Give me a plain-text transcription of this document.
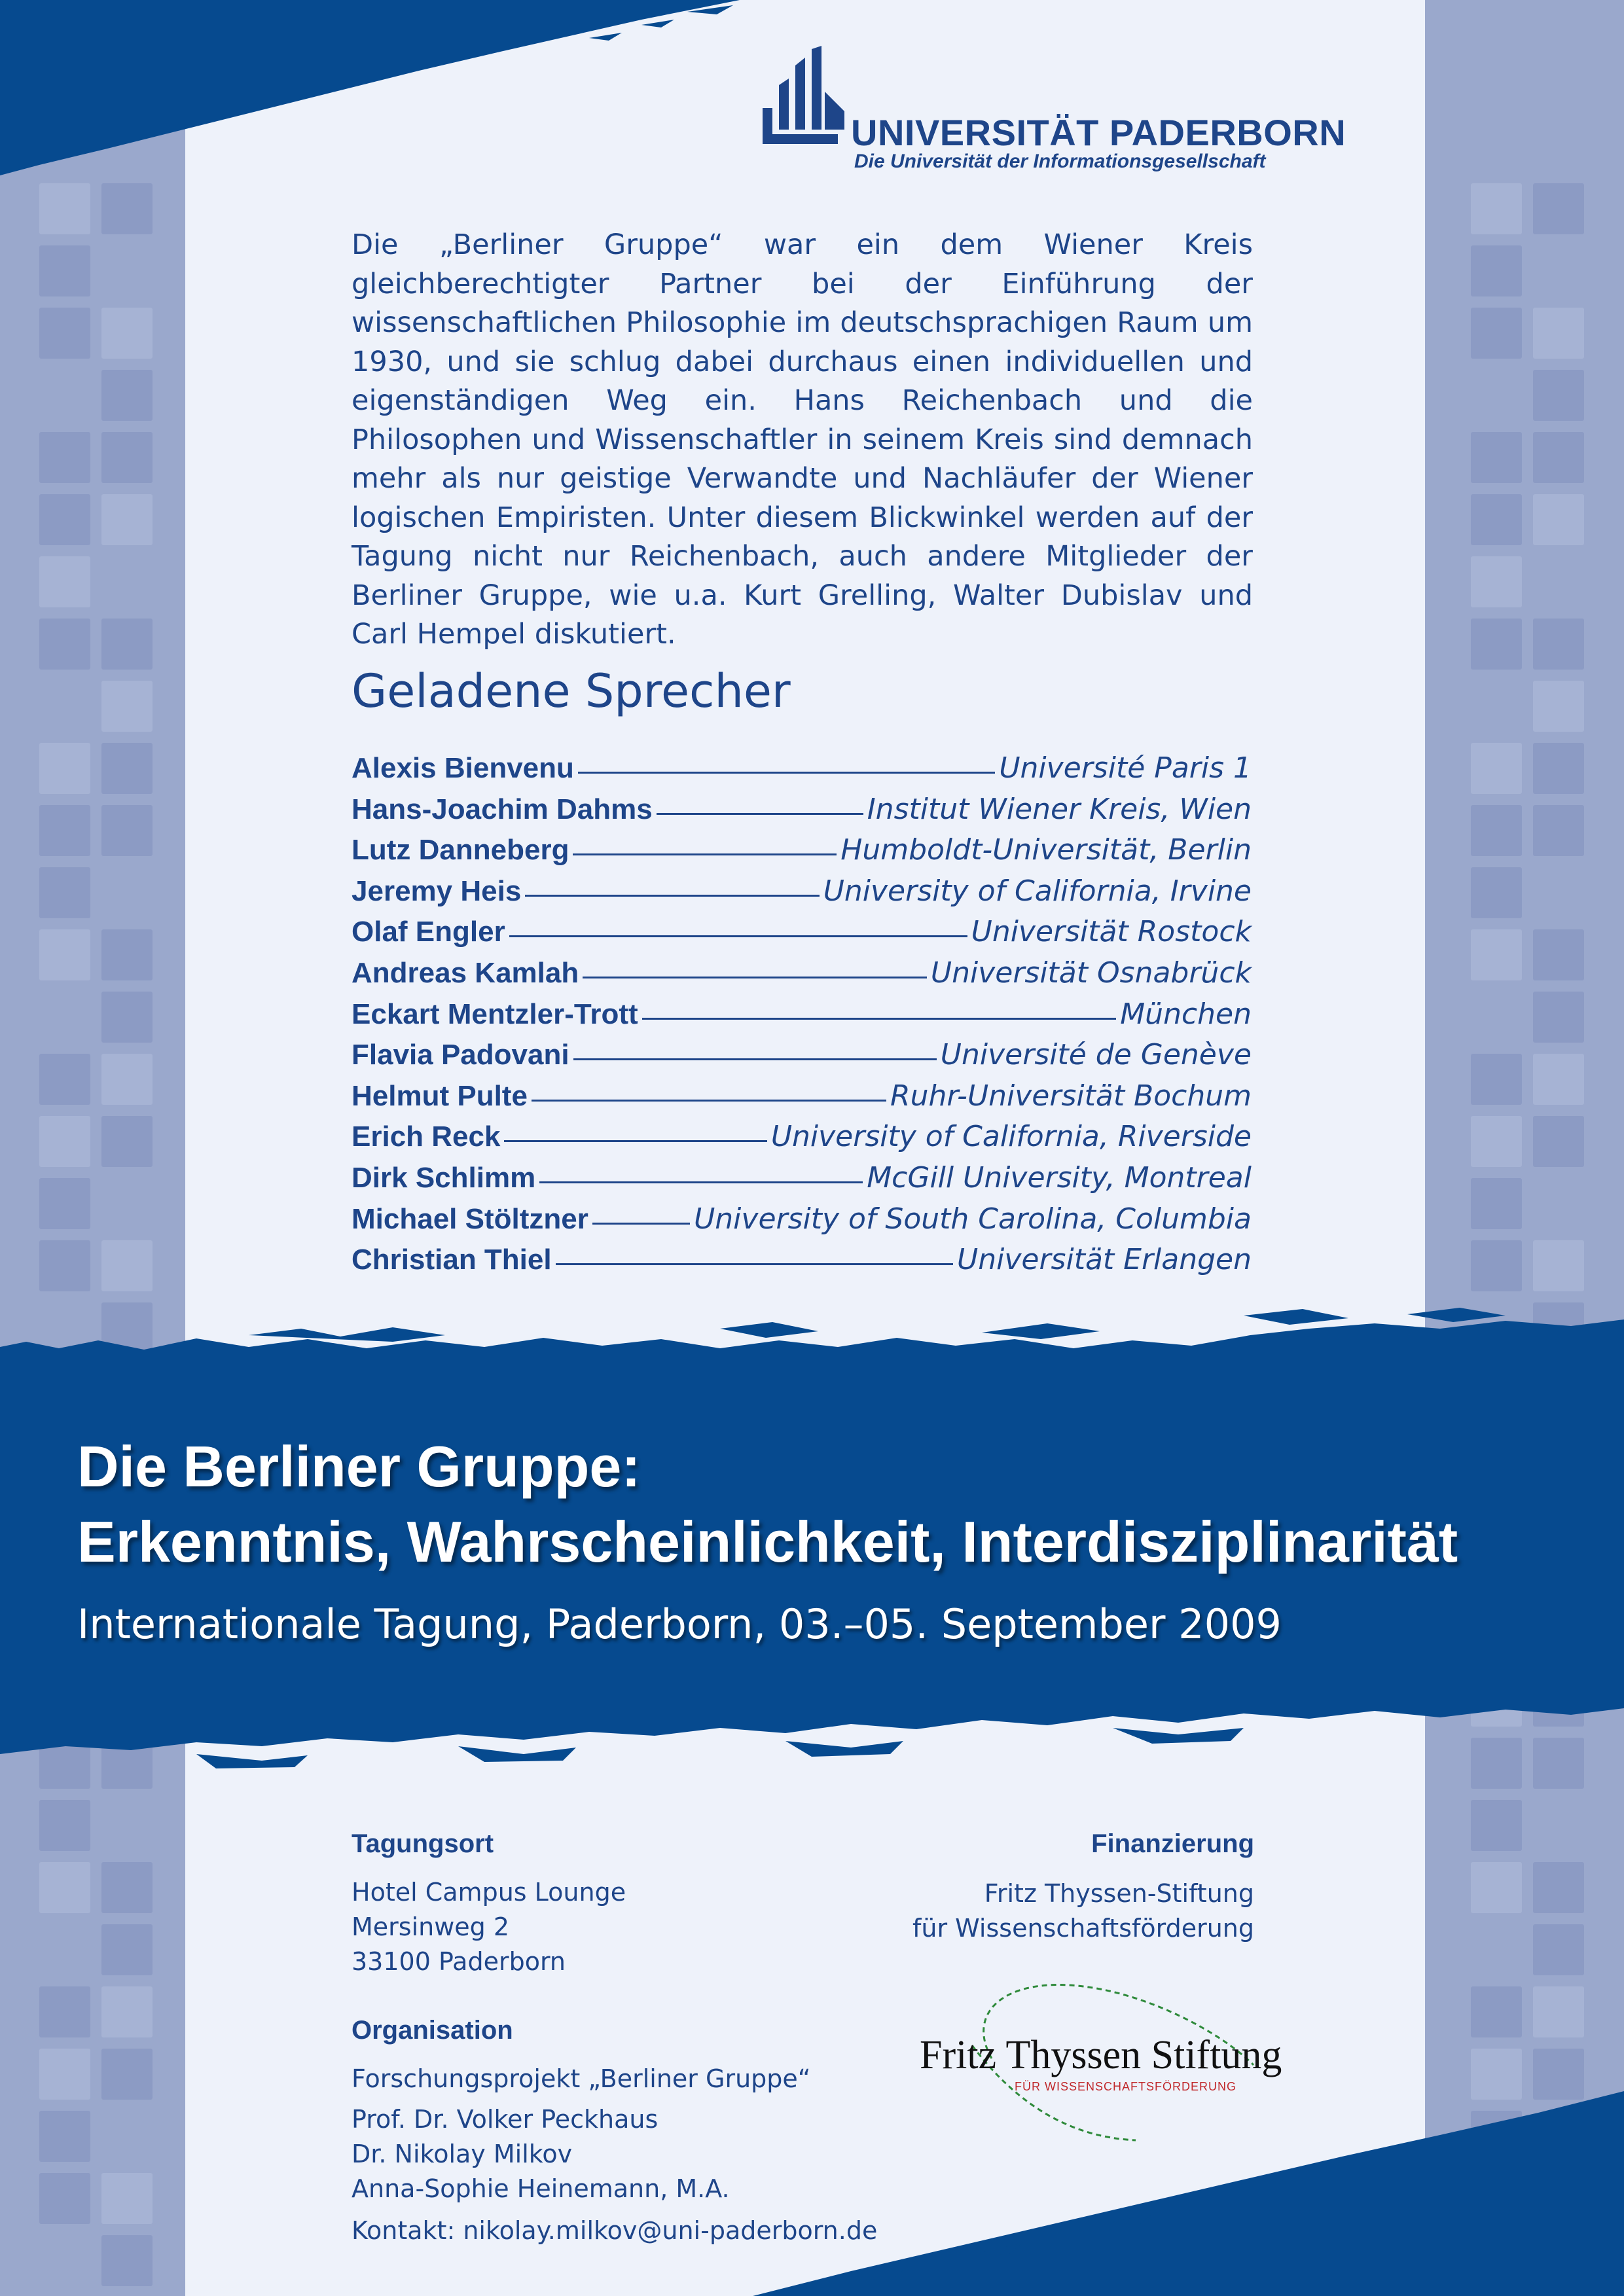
UNIVERSITÄT PADERBORN
Die Universität der Informationsgesellschaft
Die „Berliner Gruppe“ war ein dem Wiener Kreis gleichberechtigter Partner bei der Einführung der wissenschaftlichen Philosophie im deutschsprachigen Raum um 1930, und sie schlug dabei durchaus einen individuellen und eigenständigen Weg ein. Hans Reichenbach und die Philosophen und Wissenschaftler in seinem Kreis sind demnach mehr als nur geistige Verwandte und Nachläufer der Wiener logischen Empiristen. Unter diesem Blickwinkel werden auf der Tagung nicht nur Reichenbach, auch andere Mitglieder der Berliner Gruppe, wie u.a. Kurt Grelling, Walter Dubislav und Carl Hempel diskutiert.
Geladene Sprecher
Alexis Bienvenu	Université Paris 1
Hans-Joachim Dahms	Institut Wiener Kreis, Wien
Lutz Danneberg	Humboldt-Universität, Berlin
Jeremy Heis	University of California, Irvine
Olaf Engler	Universität Rostock
Andreas Kamlah	Universität Osnabrück
Eckart Mentzler-Trott	München
Flavia Padovani	Université de Genève
Helmut Pulte	Ruhr-Universität Bochum
Erich Reck	University of California, Riverside
Dirk Schlimm	McGill University, Montreal
Michael Stöltzner	University of South Carolina, Columbia
Christian Thiel	Universität Erlangen
Die Berliner Gruppe:
Erkenntnis, Wahrscheinlichkeit, Interdisziplinarität
Internationale Tagung, Paderborn, 03.–05. September 2009
Tagungsort
Hotel Campus Lounge
Mersinweg 2
33100 Paderborn
Finanzierung
Fritz Thyssen-Stiftung
für Wissenschaftsförderung
Fritz Thyssen Stiftung
FÜR WISSENSCHAFTSFÖRDERUNG
Organisation
Forschungsprojekt „Berliner Gruppe“
Prof. Dr. Volker Peckhaus
Dr. Nikolay Milkov
Anna-Sophie Heinemann, M.A.
Kontakt: nikolay.milkov@uni-paderborn.de
